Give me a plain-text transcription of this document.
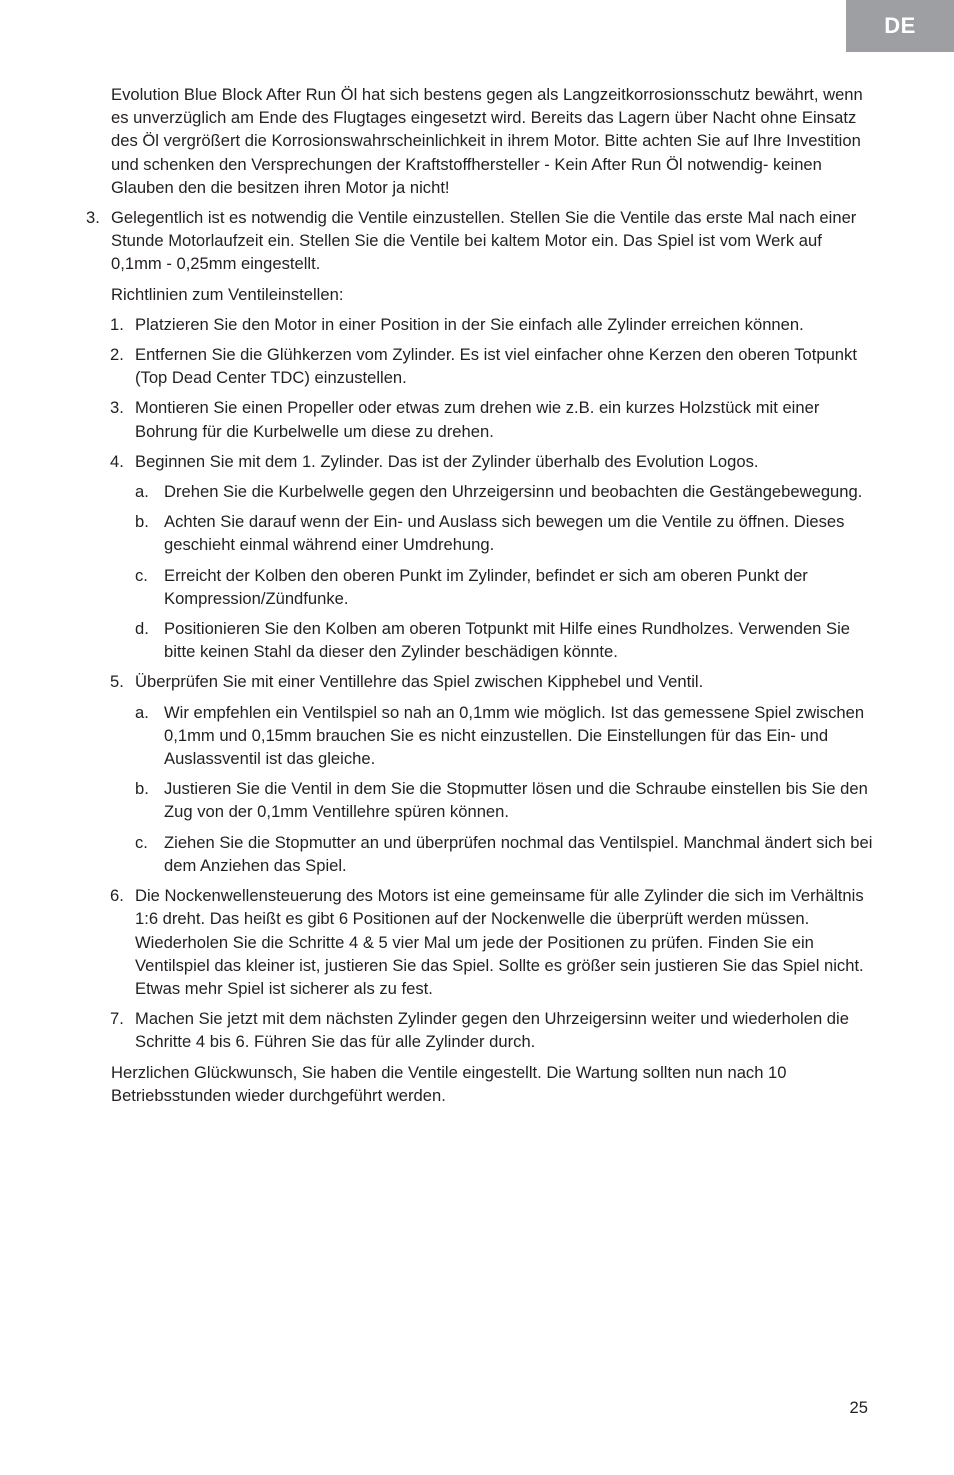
DE
Evolution Blue Block After Run Öl hat sich bestens gegen als Langzeitkorrosionsschutz bewährt, wenn es unverzüglich am Ende des Flugtages eingesetzt wird. Bereits das Lagern über Nacht ohne Einsatz des Öl vergrößert die Korrosionswahrscheinlichkeit in ihrem Motor. Bitte achten Sie auf Ihre Investition und schenken den Versprechungen der Kraftstoffhersteller - Kein After Run Öl notwendig- keinen Glauben den die besitzen ihren Motor ja nicht!
3. Gelegentlich ist es notwendig die Ventile einzustellen. Stellen Sie die Ventile das erste Mal nach einer Stunde Motorlaufzeit ein. Stellen Sie die Ventile bei kaltem Motor ein. Das Spiel ist vom Werk auf 0,1mm - 0,25mm eingestellt.
Richtlinien zum Ventileinstellen:
1. Platzieren Sie den Motor in einer Position in der Sie einfach alle Zylinder erreichen können.
2. Entfernen Sie die Glühkerzen vom Zylinder. Es ist viel einfacher ohne Kerzen den oberen Totpunkt (Top Dead Center TDC) einzustellen.
3. Montieren Sie einen Propeller oder etwas zum drehen wie z.B. ein kurzes Holzstück mit einer Bohrung für die Kurbelwelle um diese zu drehen.
4. Beginnen Sie mit dem 1. Zylinder. Das ist der Zylinder überhalb des Evolution Logos.
a. Drehen Sie die Kurbelwelle gegen den Uhrzeigersinn und beobachten die Gestängebewegung.
b. Achten Sie darauf wenn der Ein- und Auslass sich bewegen um die Ventile zu öffnen. Dieses geschieht einmal während einer Umdrehung.
c. Erreicht der Kolben den oberen Punkt im Zylinder, befindet er sich am oberen Punkt der Kompression/Zündfunke.
d. Positionieren Sie den Kolben am oberen Totpunkt mit Hilfe eines Rundholzes. Verwenden Sie bitte keinen Stahl da dieser den Zylinder beschädigen könnte.
5. Überprüfen Sie mit einer Ventillehre das Spiel zwischen Kipphebel und Ventil.
a. Wir empfehlen ein Ventilspiel so nah an 0,1mm wie möglich. Ist das gemessene Spiel zwischen 0,1mm und 0,15mm brauchen Sie es nicht einzustellen. Die Einstellungen für das Ein- und Auslassventil ist das gleiche.
b. Justieren Sie die Ventil in dem Sie die Stopmutter lösen und die Schraube einstellen bis Sie den Zug von der 0,1mm Ventillehre spüren können.
c. Ziehen Sie die Stopmutter an und überprüfen nochmal das Ventilspiel. Manchmal ändert sich bei dem Anziehen das Spiel.
6. Die Nockenwellensteuerung des Motors ist eine gemeinsame für alle Zylinder die sich im Verhältnis 1:6 dreht. Das heißt es gibt 6 Positionen auf der Nockenwelle die überprüft werden müssen. Wiederholen Sie die Schritte 4 & 5 vier Mal um jede der Positionen zu prüfen. Finden Sie ein Ventilspiel das kleiner ist, justieren Sie das Spiel. Sollte es größer sein justieren Sie das Spiel nicht. Etwas mehr Spiel ist sicherer als zu fest.
7. Machen Sie jetzt mit dem nächsten Zylinder gegen den Uhrzeigersinn weiter und wiederholen die Schritte 4 bis 6. Führen Sie das für alle Zylinder durch.
Herzlichen Glückwunsch, Sie haben die Ventile eingestellt. Die Wartung sollten nun nach 10 Betriebsstunden wieder durchgeführt werden.
25
